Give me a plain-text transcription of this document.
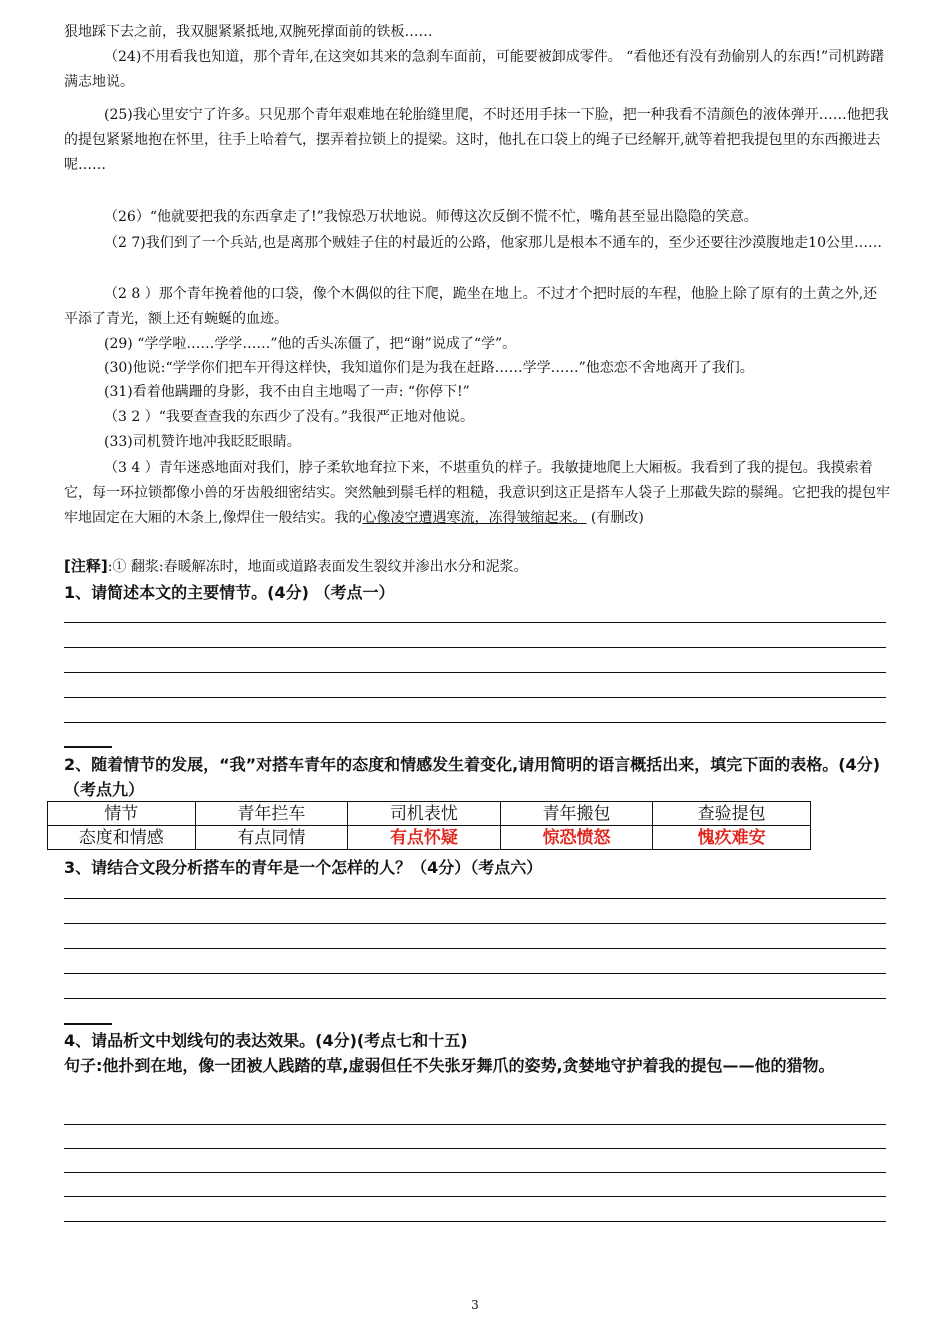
狠地踩下去之前，我双腿紧紧抵地,双腕死撑面前的铁板……

（24)不用看我也知道，那个青年,在这突如其来的急刹车面前，可能要被卸成零件。 “看他还有没有劲偷别人的东西!”司机踌躇满志地说。

(25)我心里安宁了许多。只见那个青年艰难地在轮胎缝里爬，不时还用手抹一下脸，把一种我看不清颜色的液体弹开……他把我的提包紧紧地抱在怀里，往手上哈着气，摆弄着拉锁上的提梁。这时，他扎在口袋上的绳子已经解开,就等着把我提包里的东西搬进去呢……

（26）“他就要把我的东西拿走了!”我惊恐万状地说。师傅这次反倒不慌不忙，嘴角甚至显出隐隐的笑意。

（2 7)我们到了一个兵站,也是离那个贼娃子住的村最近的公路，他家那儿是根本不通车的，至少还要往沙漠腹地走10公里……

（2 8 ）那个青年挽着他的口袋，像个木偶似的往下爬，跪坐在地上。不过才个把时辰的车程，他脸上除了原有的土黄之外,还平添了青光，额上还有蜿蜒的血迹。

(29) “学学啦……学学……”他的舌头冻僵了，把“谢”说成了“学”。

(30)他说:“学学你们把车开得这样快，我知道你们是为我在赶路……学学……”他恋恋不舍地离开了我们。

(31)看着他蹒跚的身影，我不由自主地喝了一声: “你停下!”

（3 2 ）“我要查查我的东西少了没有。”我很严正地对他说。

(33)司机赞许地冲我眨眨眼睛。

（3 4 ）青年迷惑地面对我们，脖子柔软地耷拉下来，不堪重负的样子。我敏捷地爬上大厢板。我看到了我的提包。我摸索着它，每一环拉锁都像小兽的牙齿般细密结实。突然触到鬃毛样的粗糙，我意识到这正是搭车人袋子上那截失踪的鬃绳。它把我的提包牢牢地固定在大厢的木条上,像焊住一般结实。我的心像凌空遭遇寒流，冻得皱缩起来。 (有删改)

[注释]:① 翻浆:春暖解冻时，地面或道路表面发生裂纹并渗出水分和泥浆。

1、请简述本文的主要情节。(4分) （考点一）

2、随着情节的发展，“我”对搭车青年的态度和情感发生着变化,请用简明的语言概括出来，填完下面的表格。(4分)（考点九）

情节	青年拦车	司机表忧	青年搬包	查验提包
态度和情感	有点同情	有点怀疑	惊恐愤怒	愧疚难安

3、请结合文段分析搭车的青年是一个怎样的人？（4分）（考点六）

4、请品析文中划线句的表达效果。(4分)(考点七和十五)

句子:他扑到在地，像一团被人践踏的草,虚弱但任不失张牙舞爪的姿势,贪婪地守护着我的提包——他的猎物。

3
